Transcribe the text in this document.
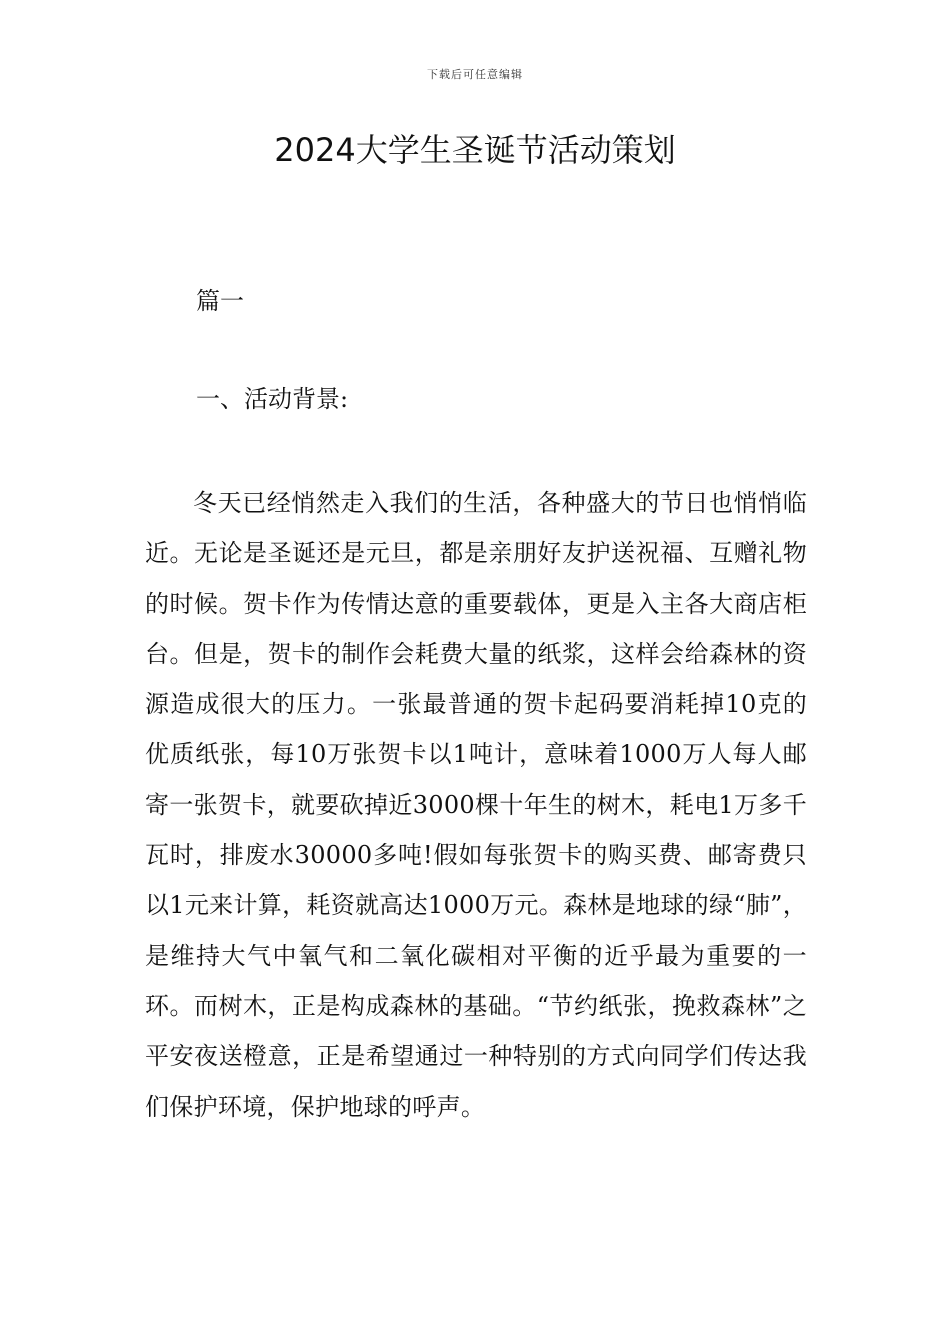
下载后可任意编辑
2024大学生圣诞节活动策划

篇一

一、活动背景:

冬天已经悄然走入我们的生活，各种盛大的节日也悄悄临近。无论是圣诞还是元旦，都是亲朋好友护送祝福、互赠礼物的时候。贺卡作为传情达意的重要载体，更是入主各大商店柜台。但是，贺卡的制作会耗费大量的纸浆，这样会给森林的资源造成很大的压力。一张最普通的贺卡起码要消耗掉10克的优质纸张，每10万张贺卡以1吨计，意味着1000万人每人邮寄一张贺卡，就要砍掉近3000棵十年生的树木，耗电1万多千瓦时，排废水30000多吨!假如每张贺卡的购买费、邮寄费只以1元来计算，耗资就高达1000万元。森林是地球的绿“肺”，是维持大气中氧气和二氧化碳相对平衡的近乎最为重要的一环。而树木，正是构成森林的基础。“节约纸张，挽救森林”之平安夜送橙意，正是希望通过一种特别的方式向同学们传达我们保护环境，保护地球的呼声。
